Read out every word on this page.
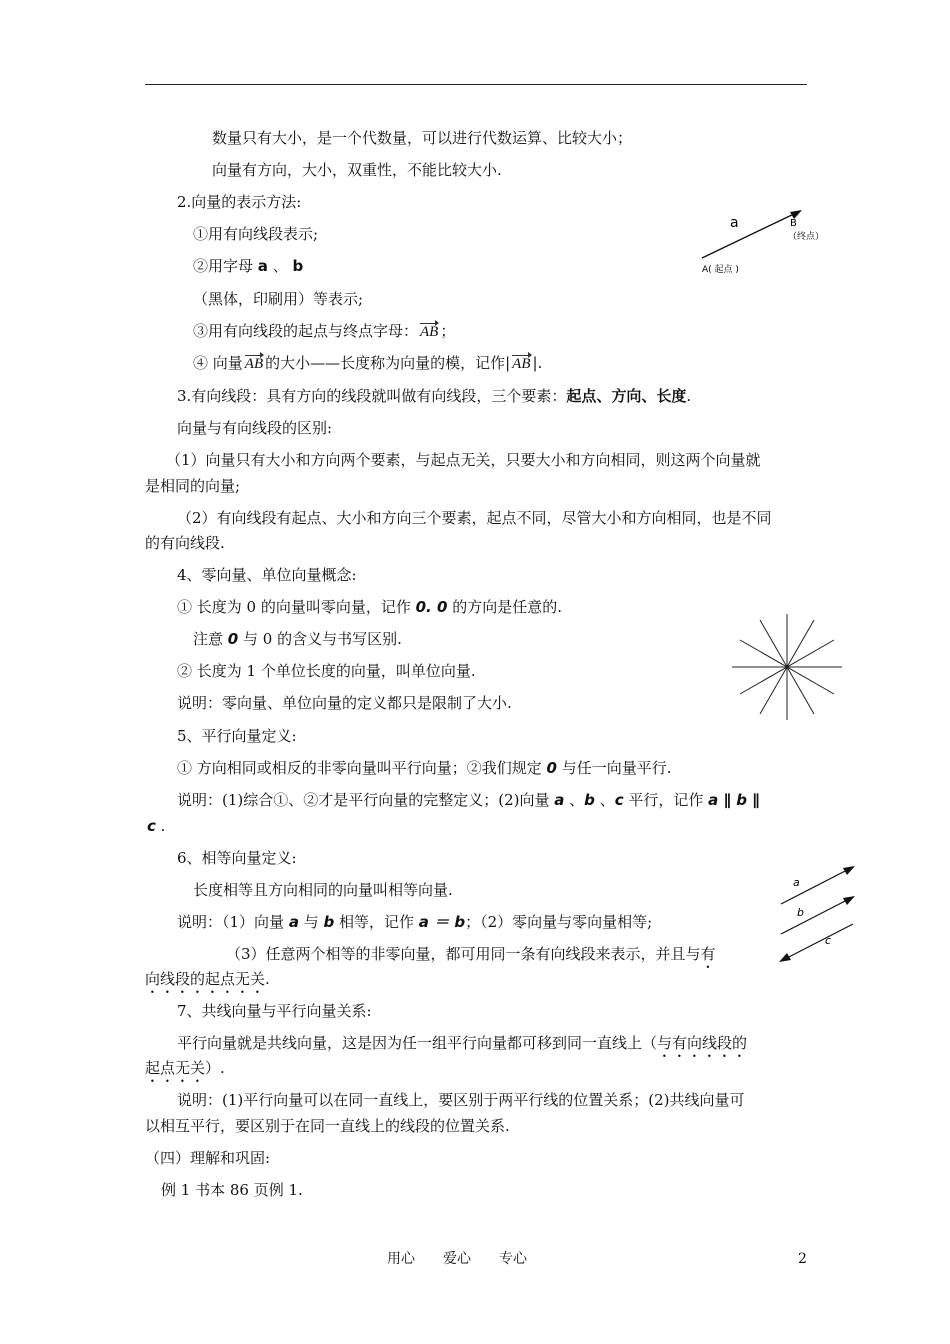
数量只有大小，是一个代数量，可以进行代数运算、比较大小；
向量有方向，大小，双重性，不能比较大小.
2.向量的表示方法:
①用有向线段表示;
②用字母 a 、 b
（黑体，印刷用）等表示;
③用有向线段的起点与终点字母： AB ；
④ 向量 AB 的大小——长度称为向量的模，记作| AB |.
3.有向线段：具有方向的线段就叫做有向线段，三个要素：起点、方向、长度.
向量与有向线段的区别:
（1）向量只有大小和方向两个要素，与起点无关，只要大小和方向相同，则这两个向量就
是相同的向量;
（2）有向线段有起点、大小和方向三个要素，起点不同，尽管大小和方向相同，也是不同
的有向线段.
4、零向量、单位向量概念:
① 长度为 0 的向量叫零向量，记作 0. 0 的方向是任意的.
注意 0 与 0 的含义与书写区别.
② 长度为 1 个单位长度的向量，叫单位向量.
说明：零向量、单位向量的定义都只是限制了大小.
5、平行向量定义:
① 方向相同或相反的非零向量叫平行向量；②我们规定 0 与任一向量平行.
说明：(1)综合①、②才是平行向量的完整定义；(2)向量 a 、b 、c 平行，记作 a ∥ b ∥
c .
6、相等向量定义:
长度相等且方向相同的向量叫相等向量.
说明：（1）向量 a 与 b 相等，记作 a ＝ b；（2）零向量与零向量相等;
（3）任意两个相等的非零向量，都可用同一条有向线段来表示，并且与有
向线段的起点无关.
7、共线向量与平行向量关系:
平行向量就是共线向量，这是因为任一组平行向量都可移到同一直线上（与有向线段的
起点无关）.
说明：(1)平行向量可以在同一直线上，要区别于两平行线的位置关系；(2)共线向量可
以相互平行，要区别于在同一直线上的线段的位置关系.
（四）理解和巩固:
例 1 书本 86 页例 1.
a	B
（终点）
A( 起点 )
a
b
c
用心　　爱心　　专心	2
